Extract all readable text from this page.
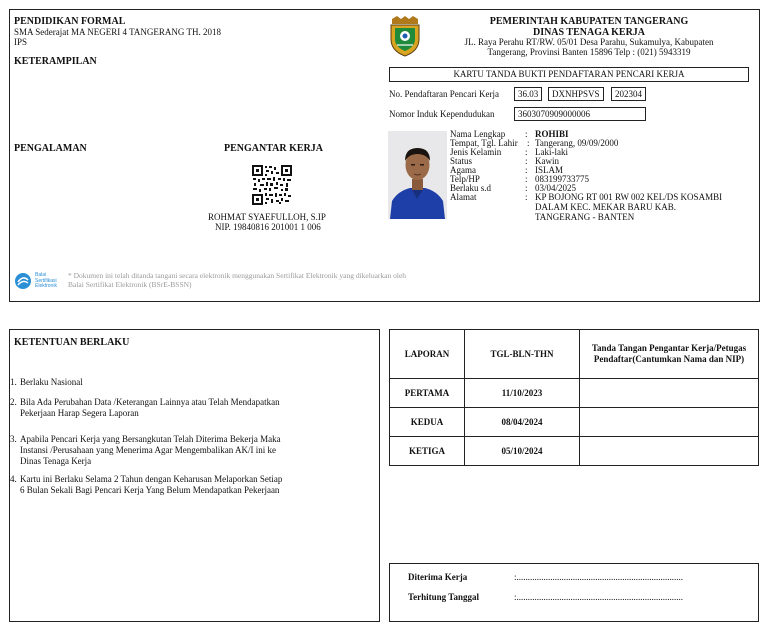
PENDIDIKAN FORMAL
SMA Sederajat MA NEGERI 4 TANGERANG TH. 2018
IPS
KETERAMPILAN
PENGALAMAN	PENGANTAR KERJA
ROHMAT SYAEFULLOH, S.IP
NIP. 19840816 201001 1 006
Balai Sertifikasi Elektronik
* Dokumen ini telah ditanda tangani secara elektronik menggunakan Sertifikat Elektronik yang dikeluarkan oleh Balai Sertifikat Elektronik (BSrE-BSSN)
PEMERINTAH KABUPATEN TANGERANG
DINAS TENAGA KERJA
JL. Raya Perahu RT/RW. 05/01 Desa Parahu, Sukamulya, Kabupaten
Tangerang, Provinsi Banten 15896 Telp : (021) 5943319
KARTU TANDA BUKTI PENDAFTARAN PENCARI KERJA
No. Pendaftaran Pencari Kerja	36.03	DXNHPSVS	202304
Nomor Induk Kependudukan	3603070909000006
Nama Lengkap : ROHIBI
Tempat, Tgl. Lahir : Tangerang, 09/09/2000
Jenis Kelamin	: Laki-laki
Status	: Kawin
Agama	: ISLAM
Telp/HP	: 083199733775
Berlaku s.d	: 03/04/2025
Alamat	: KP BOJONG RT 001 RW 002 KEL/DS KOSAMBI
DALAM KEC. MEKAR BARU KAB.
TANGERANG - BANTEN
KETENTUAN BERLAKU
1. Berlaku Nasional
2. Bila Ada Perubahan Data /Keterangan Lainnya atau Telah Mendapatkan
Pekerjaan Harap Segera Laporan
3. Apabila Pencari Kerja yang Bersangkutan Telah Diterima Bekerja Maka
Instansi /Perusahaan yang Menerima Agar Mengembalikan AK/I ini ke
Dinas Tenaga Kerja
4. Kartu ini Berlaku Selama 2 Tahun dengan Keharusan Melaporkan Setiap
6 Bulan Sekali Bagi Pencari Kerja Yang Belum Mendapatkan Pekerjaan
LAPORAN	TGL-BLN-THN	Tanda Tangan Pengantar Kerja/Petugas Pendaftar(Cantumkan Nama dan NIP)
PERTAMA	11/10/2023	
KEDUA	08/04/2024	
KETIGA	05/10/2024	
Diterima Kerja	:..........................................................................
Terhitung Tanggal	:..........................................................................
